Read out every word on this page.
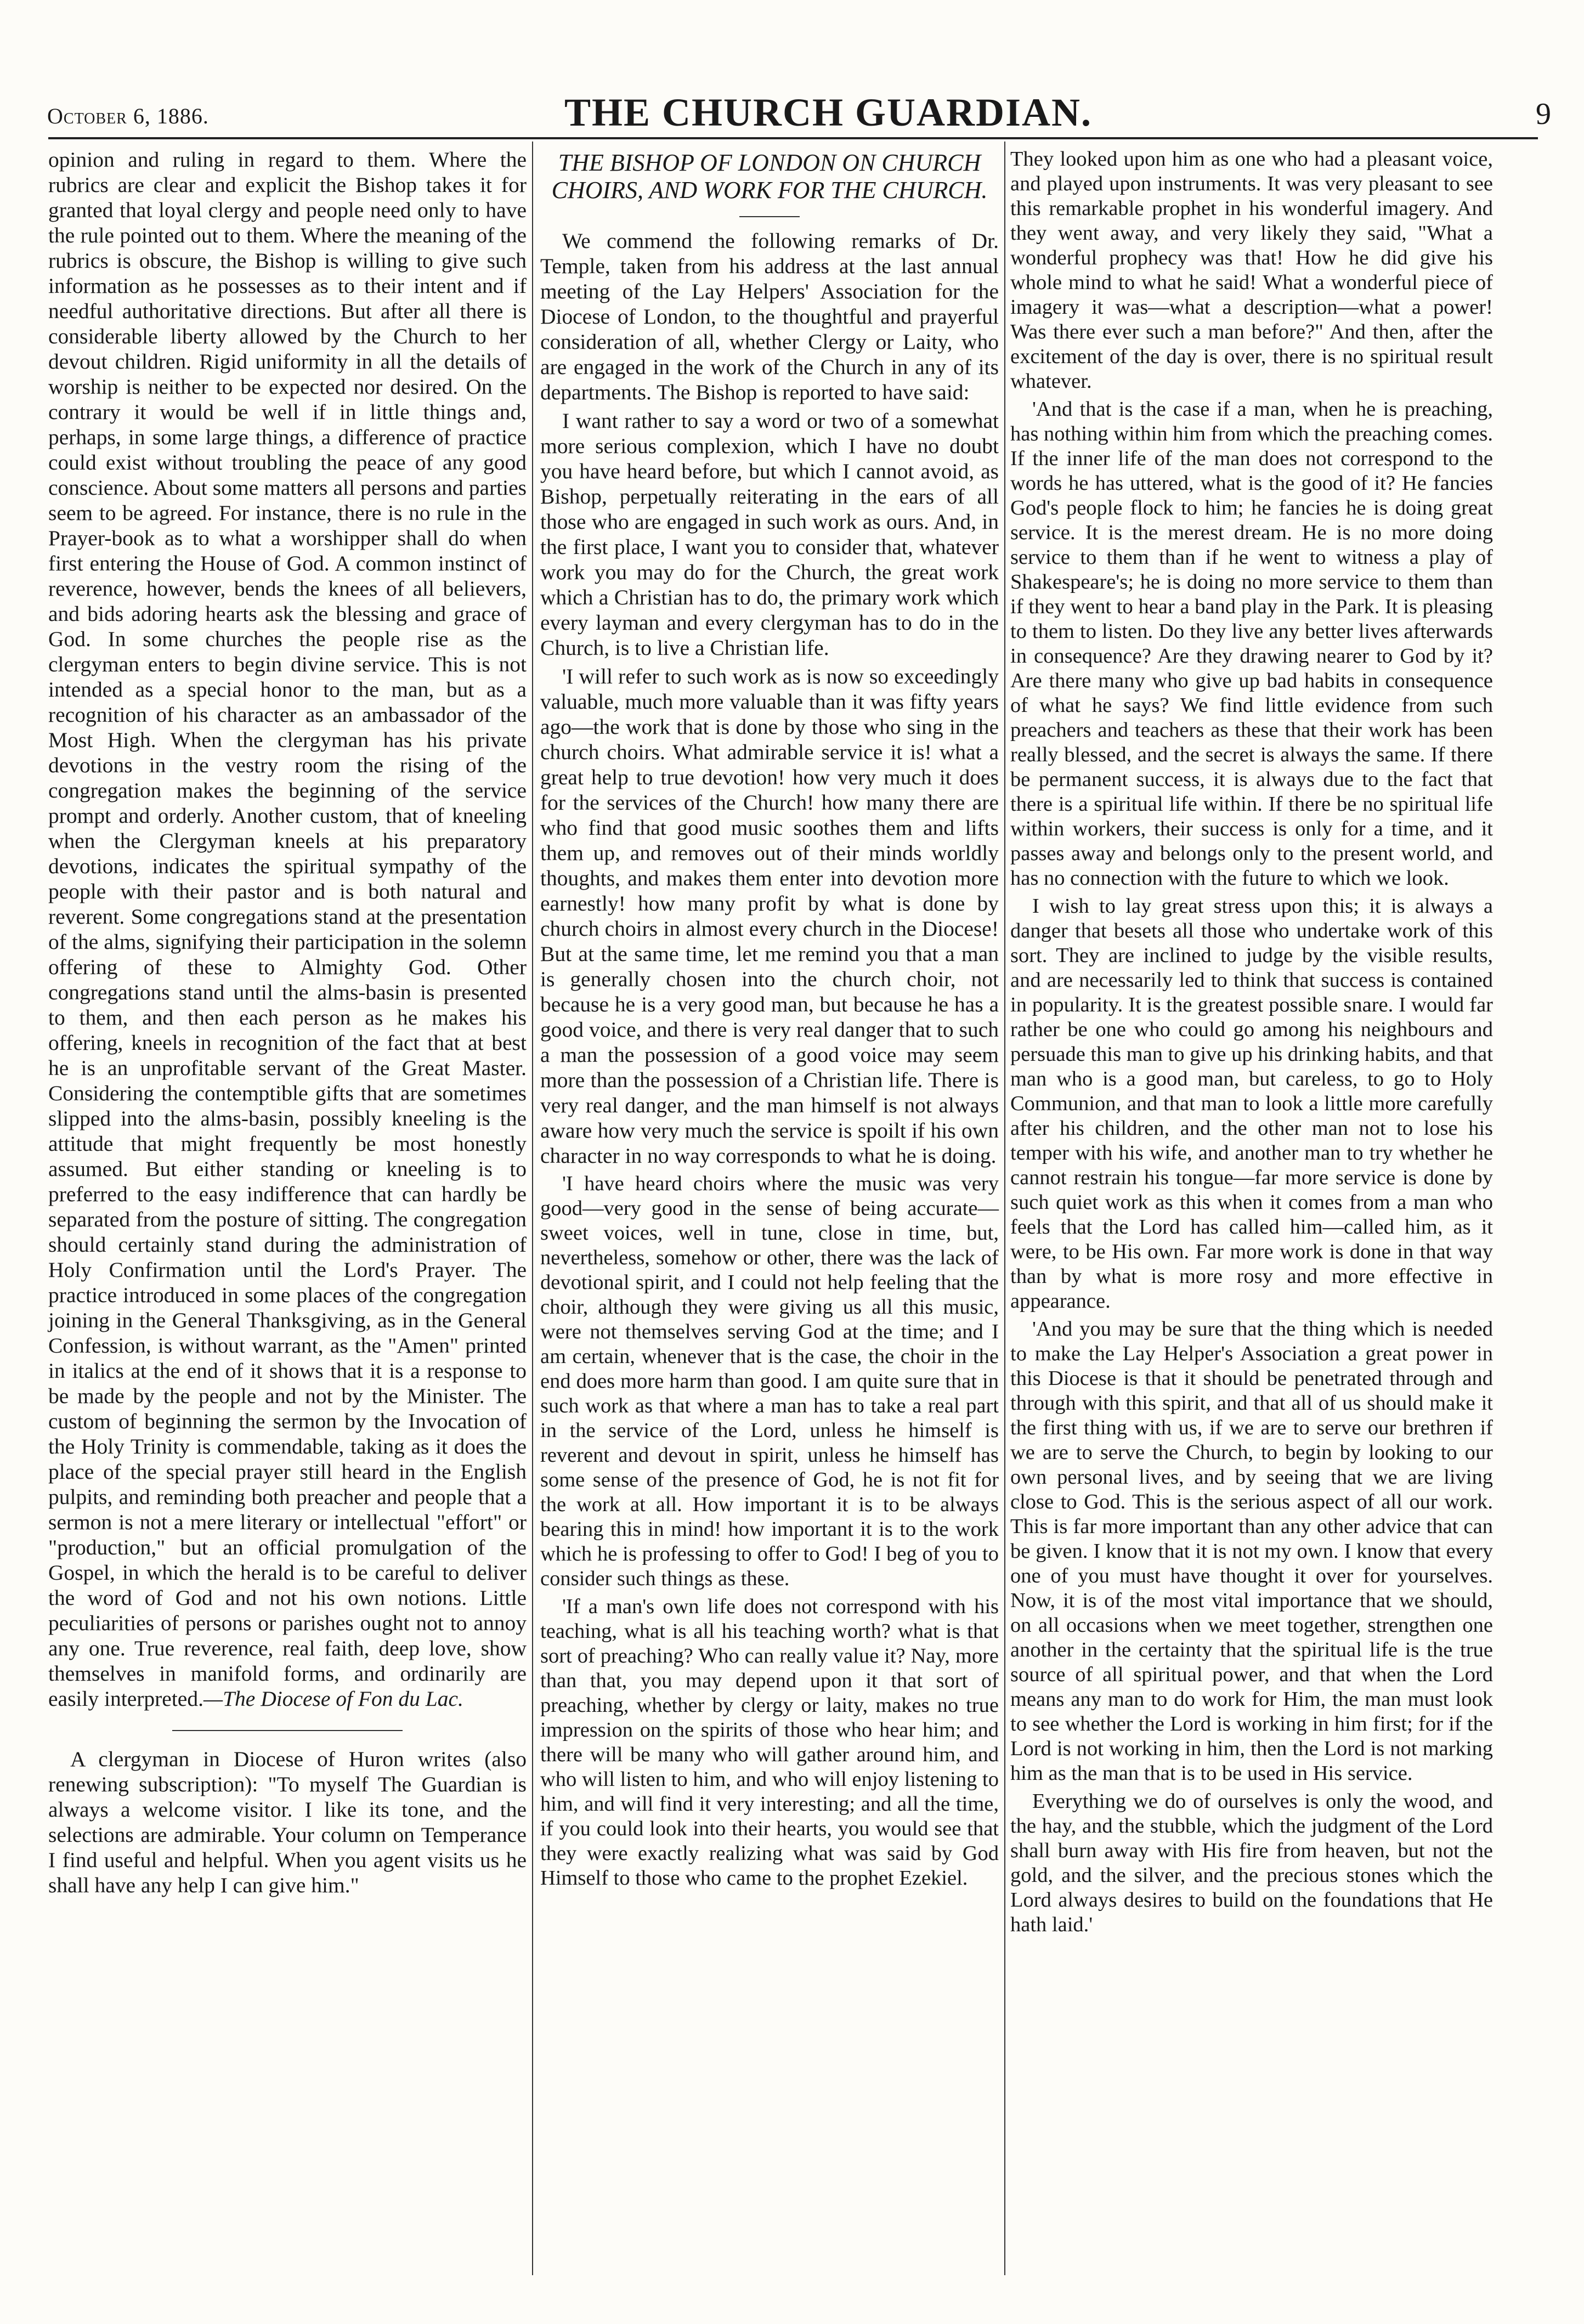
October 6, 1886.	THE CHURCH GUARDIAN.	9

opinion and ruling in regard to them. Where the rubrics are clear and explicit the Bishop takes it for granted that loyal clergy and people need only to have the rule pointed out to them. Where the meaning of the rubrics is obscure, the Bishop is willing to give such information as he possesses as to their intent and if needful authoritative directions. But after all there is considerable liberty allowed by the Church to her devout children. Rigid uniformity in all the details of worship is neither to be expected nor desired. On the contrary it would be well if in little things and, perhaps, in some large things, a difference of practice could exist without troubling the peace of any good conscience. About some matters all persons and parties seem to be agreed. For instance, there is no rule in the Prayer-book as to what a worshipper shall do when first entering the House of God. A common instinct of reverence, however, bends the knees of all believers, and bids adoring hearts ask the blessing and grace of God. In some churches the people rise as the clergyman enters to begin divine service. This is not intended as a special honor to the man, but as a recognition of his character as an ambassador of the Most High. When the clergyman has his private devotions in the vestry room the rising of the congregation makes the beginning of the service prompt and orderly. Another custom, that of kneeling when the Clergyman kneels at his preparatory devotions, indicates the spiritual sympathy of the people with their pastor and is both natural and reverent. Some congregations stand at the presentation of the alms, signifying their participation in the solemn offering of these to Almighty God. Other congregations stand until the alms-basin is presented to them, and then each person as he makes his offering, kneels in recognition of the fact that at best he is an unprofitable servant of the Great Master. Considering the contemptible gifts that are sometimes slipped into the alms-basin, possibly kneeling is the attitude that might frequently be most honestly assumed. But either standing or kneeling is to preferred to the easy indifference that can hardly be separated from the posture of sitting. The congregation should certainly stand during the administration of Holy Confirmation until the Lord's Prayer. The practice introduced in some places of the congregation joining in the General Thanksgiving, as in the General Confession, is without warrant, as the "Amen" printed in italics at the end of it shows that it is a response to be made by the people and not by the Minister. The custom of beginning the sermon by the Invocation of the Holy Trinity is commendable, taking as it does the place of the special prayer still heard in the English pulpits, and reminding both preacher and people that a sermon is not a mere literary or intellectual "effort" or "production," but an official promulgation of the Gospel, in which the herald is to be careful to deliver the word of God and not his own notions. Little peculiarities of persons or parishes ought not to annoy any one. True reverence, real faith, deep love, show themselves in manifold forms, and ordinarily are easily interpreted.—The Diocese of Fon du Lac.

A clergyman in Diocese of Huron writes (also renewing subscription): "To myself The Guardian is always a welcome visitor. I like its tone, and the selections are admirable. Your column on Temperance I find useful and helpful. When you agent visits us he shall have any help I can give him."

THE BISHOP OF LONDON ON CHURCH CHOIRS, AND WORK FOR THE CHURCH.

We commend the following remarks of Dr. Temple, taken from his address at the last annual meeting of the Lay Helpers' Association for the Diocese of London, to the thoughtful and prayerful consideration of all, whether Clergy or Laity, who are engaged in the work of the Church in any of its departments. The Bishop is reported to have said:

I want rather to say a word or two of a somewhat more serious complexion, which I have no doubt you have heard before, but which I cannot avoid, as Bishop, perpetually reiterating in the ears of all those who are engaged in such work as ours. And, in the first place, I want you to consider that, whatever work you may do for the Church, the great work which a Christian has to do, the primary work which every layman and every clergyman has to do in the Church, is to live a Christian life.

'I will refer to such work as is now so exceedingly valuable, much more valuable than it was fifty years ago—the work that is done by those who sing in the church choirs. What admirable service it is! what a great help to true devotion! how very much it does for the services of the Church! how many there are who find that good music soothes them and lifts them up, and removes out of their minds worldly thoughts, and makes them enter into devotion more earnestly! how many profit by what is done by church choirs in almost every church in the Diocese! But at the same time, let me remind you that a man is generally chosen into the church choir, not because he is a very good man, but because he has a good voice, and there is very real danger that to such a man the possession of a good voice may seem more than the possession of a Christian life. There is very real danger, and the man himself is not always aware how very much the service is spoilt if his own character in no way corresponds to what he is doing.

'I have heard choirs where the music was very good—very good in the sense of being accurate—sweet voices, well in tune, close in time, but, nevertheless, somehow or other, there was the lack of devotional spirit, and I could not help feeling that the choir, although they were giving us all this music, were not themselves serving God at the time; and I am certain, whenever that is the case, the choir in the end does more harm than good. I am quite sure that in such work as that where a man has to take a real part in the service of the Lord, unless he himself is reverent and devout in spirit, unless he himself has some sense of the presence of God, he is not fit for the work at all. How important it is to be always bearing this in mind! how important it is to the work which he is professing to offer to God! I beg of you to consider such things as these.

'If a man's own life does not correspond with his teaching, what is all his teaching worth? what is that sort of preaching? Who can really value it? Nay, more than that, you may depend upon it that sort of preaching, whether by clergy or laity, makes no true impression on the spirits of those who hear him; and there will be many who will gather around him, and who will listen to him, and who will enjoy listening to him, and will find it very interesting; and all the time, if you could look into their hearts, you would see that they were exactly realizing what was said by God Himself to those who came to the prophet Ezekiel.

They looked upon him as one who had a pleasant voice, and played upon instruments. It was very pleasant to see this remarkable prophet in his wonderful imagery. And they went away, and very likely they said, "What a wonderful prophecy was that! How he did give his whole mind to what he said! What a wonderful piece of imagery it was—what a description—what a power! Was there ever such a man before?" And then, after the excitement of the day is over, there is no spiritual result whatever.

'And that is the case if a man, when he is preaching, has nothing within him from which the preaching comes. If the inner life of the man does not correspond to the words he has uttered, what is the good of it? He fancies God's people flock to him; he fancies he is doing great service. It is the merest dream. He is no more doing service to them than if he went to witness a play of Shakespeare's; he is doing no more service to them than if they went to hear a band play in the Park. It is pleasing to them to listen. Do they live any better lives afterwards in consequence? Are they drawing nearer to God by it? Are there many who give up bad habits in consequence of what he says? We find little evidence from such preachers and teachers as these that their work has been really blessed, and the secret is always the same. If there be permanent success, it is always due to the fact that there is a spiritual life within. If there be no spiritual life within workers, their success is only for a time, and it passes away and belongs only to the present world, and has no connection with the future to which we look.

I wish to lay great stress upon this; it is always a danger that besets all those who undertake work of this sort. They are inclined to judge by the visible results, and are necessarily led to think that success is contained in popularity. It is the greatest possible snare. I would far rather be one who could go among his neighbours and persuade this man to give up his drinking habits, and that man who is a good man, but careless, to go to Holy Communion, and that man to look a little more carefully after his children, and the other man not to lose his temper with his wife, and another man to try whether he cannot restrain his tongue—far more service is done by such quiet work as this when it comes from a man who feels that the Lord has called him—called him, as it were, to be His own. Far more work is done in that way than by what is more rosy and more effective in appearance.

'And you may be sure that the thing which is needed to make the Lay Helper's Association a great power in this Diocese is that it should be penetrated through and through with this spirit, and that all of us should make it the first thing with us, if we are to serve our brethren if we are to serve the Church, to begin by looking to our own personal lives, and by seeing that we are living close to God. This is the serious aspect of all our work. This is far more important than any other advice that can be given. I know that it is not my own. I know that every one of you must have thought it over for yourselves. Now, it is of the most vital importance that we should, on all occasions when we meet together, strengthen one another in the certainty that the spiritual life is the true source of all spiritual power, and that when the Lord means any man to do work for Him, the man must look to see whether the Lord is working in him first; for if the Lord is not working in him, then the Lord is not marking him as the man that is to be used in His service.

Everything we do of ourselves is only the wood, and the hay, and the stubble, which the judgment of the Lord shall burn away with His fire from heaven, but not the gold, and the silver, and the precious stones which the Lord always desires to build on the foundations that He hath laid.'
